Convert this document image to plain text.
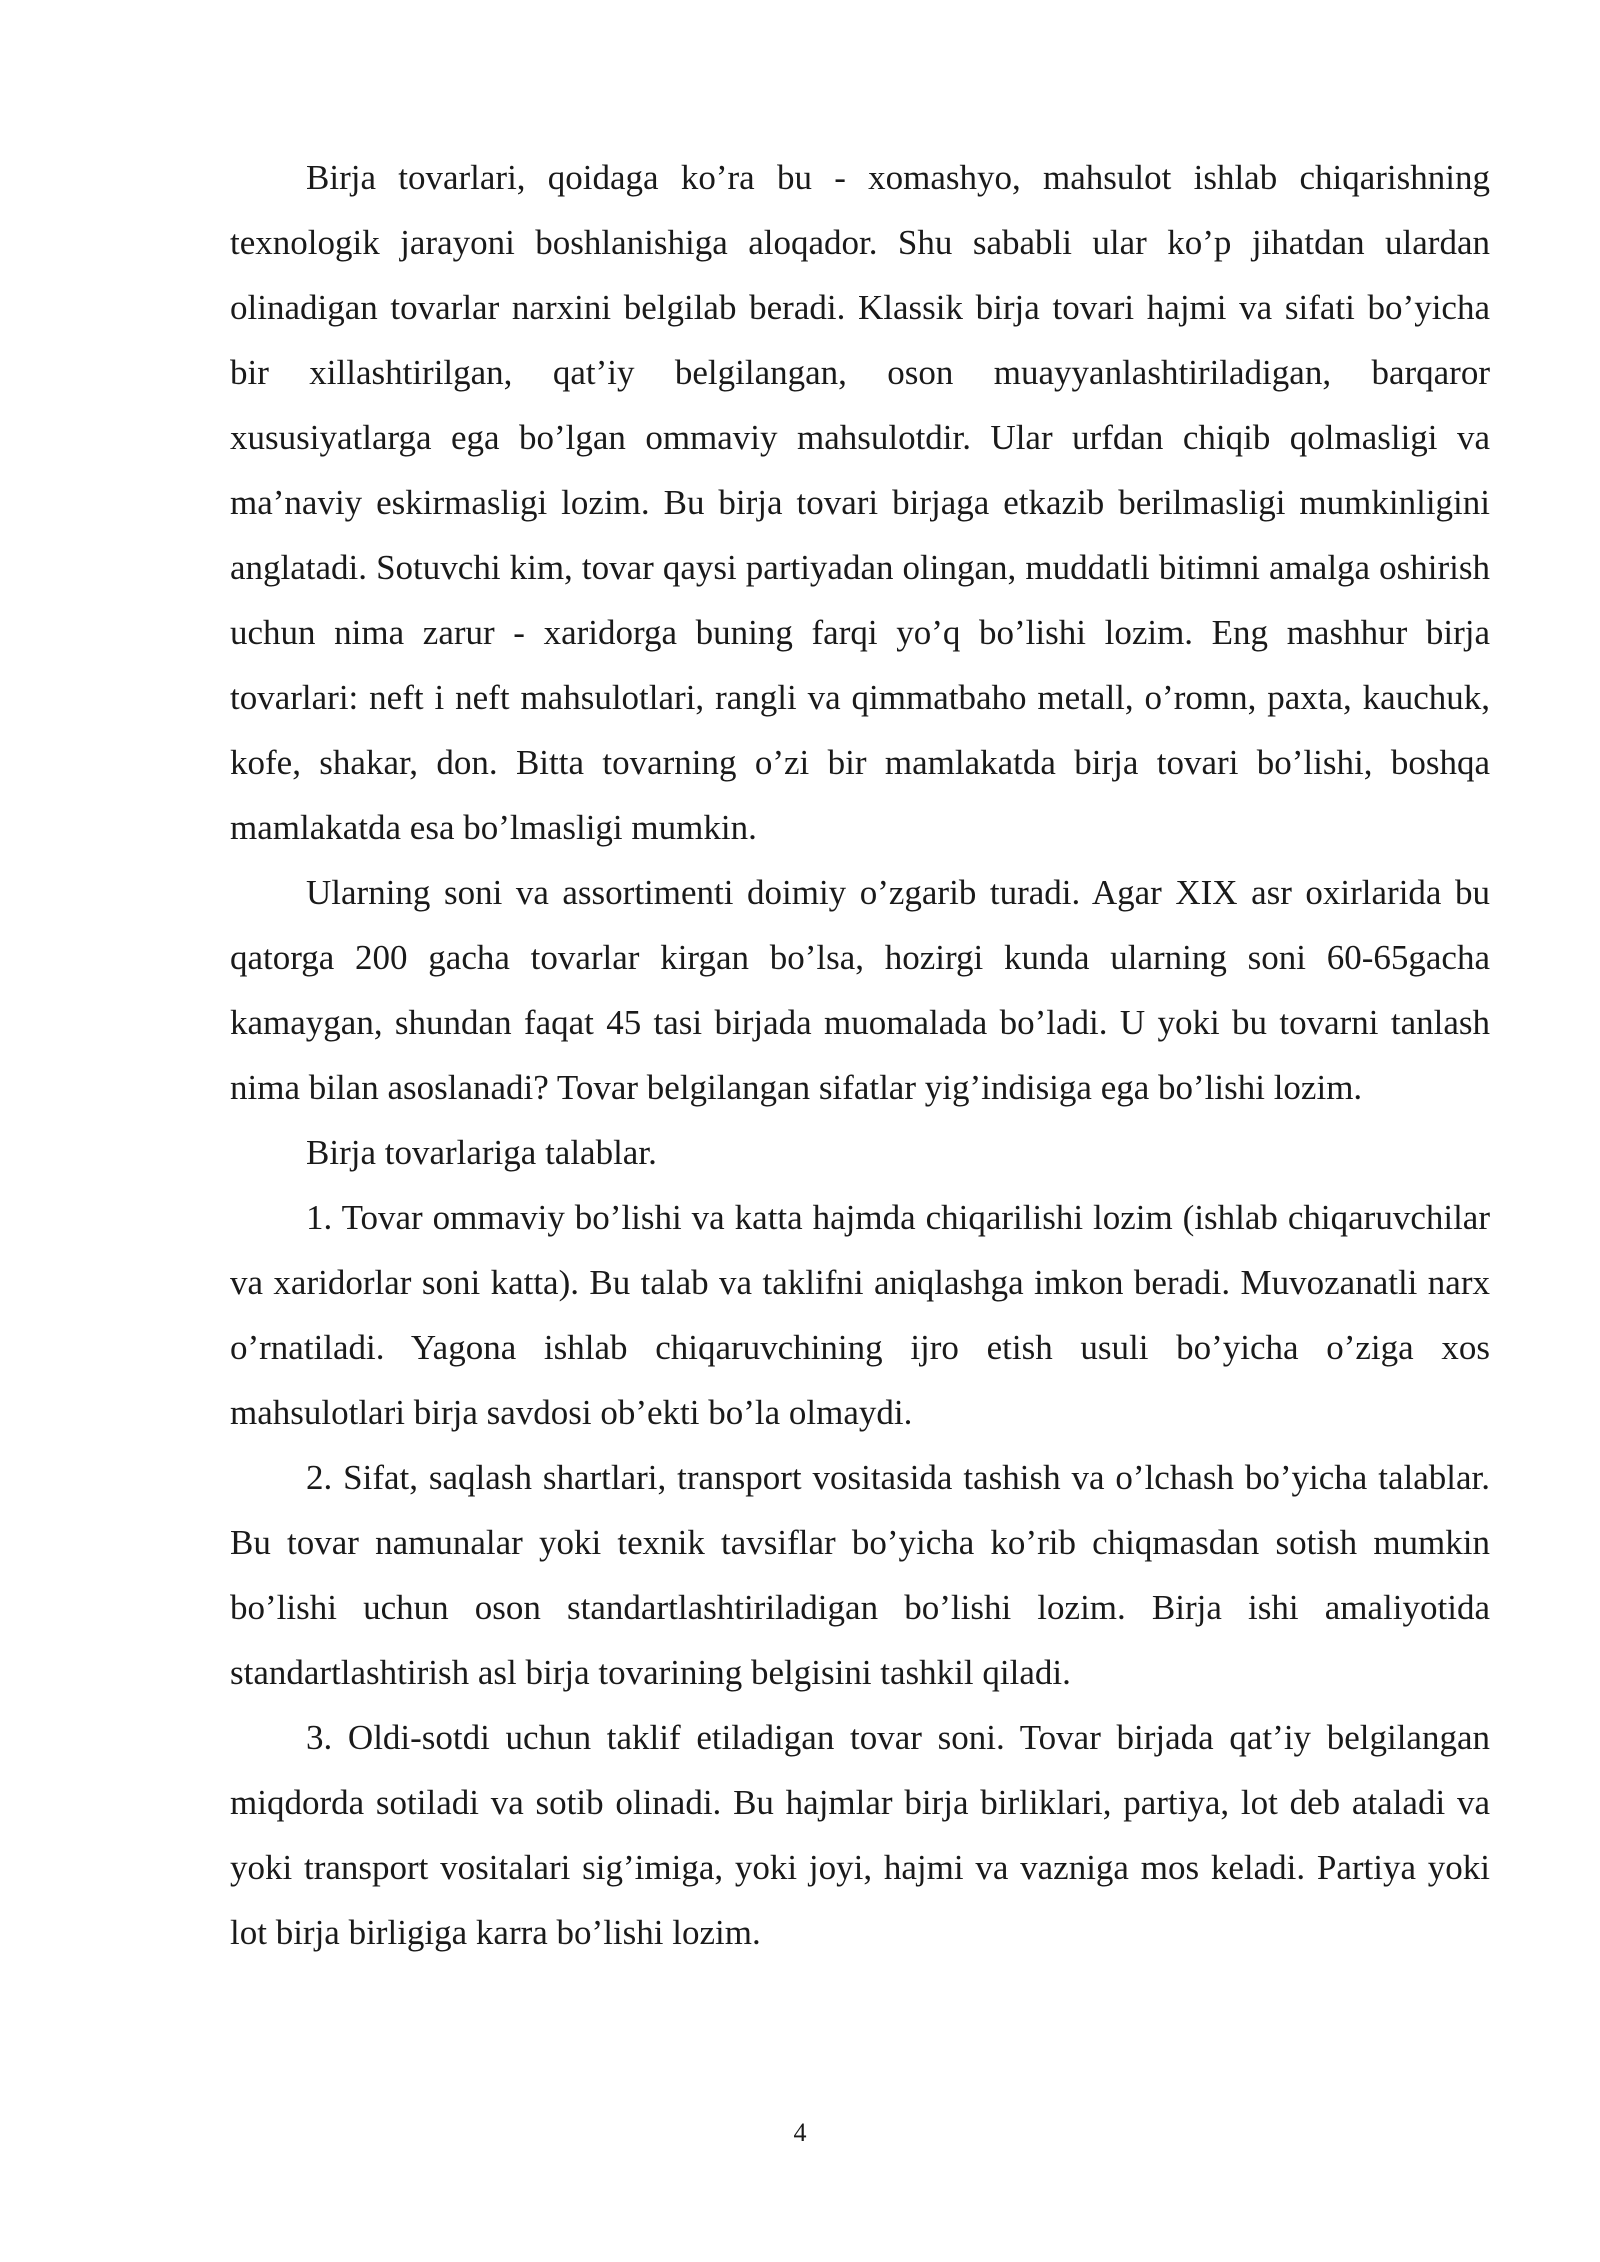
Birja tovarlari, qoidaga ko’ra bu - xomashyo, mahsulot ishlab chiqarishning texnologik jarayoni boshlanishiga aloqador. Shu sababli ular ko’p jihatdan ulardan olinadigan tovarlar narxini belgilab beradi. Klassik birja tovari hajmi va sifati bo’yicha bir xillashtirilgan, qat’iy belgilangan, oson muayyanlashtiriladigan, barqaror xususiyatlarga ega bo’lgan ommaviy mahsulotdir. Ular urfdan chiqib qolmasligi va ma’naviy eskirmasligi lozim. Bu birja tovari birjaga etkazib berilmasligi mumkinligini anglatadi. Sotuvchi kim, tovar qaysi partiyadan olingan, muddatli bitimni amalga oshirish uchun nima zarur - xaridorga buning farqi yo’q bo’lishi lozim. Eng mashhur birja tovarlari: neft i neft mahsulotlari, rangli va qimmatbaho metall, o’romn, paxta, kauchuk, kofe, shakar, don. Bitta tovarning o’zi bir mamlakatda birja tovari bo’lishi, boshqa mamlakatda esa bo’lmasligi mumkin.

Ularning soni va assortimenti doimiy o’zgarib turadi. Agar XIX asr oxirlarida bu qatorga 200 gacha tovarlar kirgan bo’lsa, hozirgi kunda ularning soni 60-65gacha kamaygan, shundan faqat 45 tasi birjada muomalada bo’ladi. U yoki bu tovarni tanlash nima bilan asoslanadi? Tovar belgilangan sifatlar yig’indisiga ega bo’lishi lozim.

Birja tovarlariga talablar.

1. Tovar ommaviy bo’lishi va katta hajmda chiqarilishi lozim (ishlab chiqaruvchilar va xaridorlar soni katta). Bu talab va taklifni aniqlashga imkon beradi. Muvozanatli narx o’rnatiladi. Yagona ishlab chiqaruvchining ijro etish usuli bo’yicha o’ziga xos mahsulotlari birja savdosi ob’ekti bo’la olmaydi.

2. Sifat, saqlash shartlari, transport vositasida tashish va o’lchash bo’yicha talablar. Bu tovar namunalar yoki texnik tavsiflar bo’yicha ko’rib chiqmasdan sotish mumkin bo’lishi uchun oson standartlashtiriladigan bo’lishi lozim. Birja ishi amaliyotida standartlashtirish asl birja tovarining belgisini tashkil qiladi.

3. Oldi-sotdi uchun taklif etiladigan tovar soni. Tovar birjada qat’iy belgilangan miqdorda sotiladi va sotib olinadi. Bu hajmlar birja birliklari, partiya, lot deb ataladi va yoki transport vositalari sig’imiga, yoki joyi, hajmi va vazniga mos keladi. Partiya yoki lot birja birligiga karra bo’lishi lozim.

4
